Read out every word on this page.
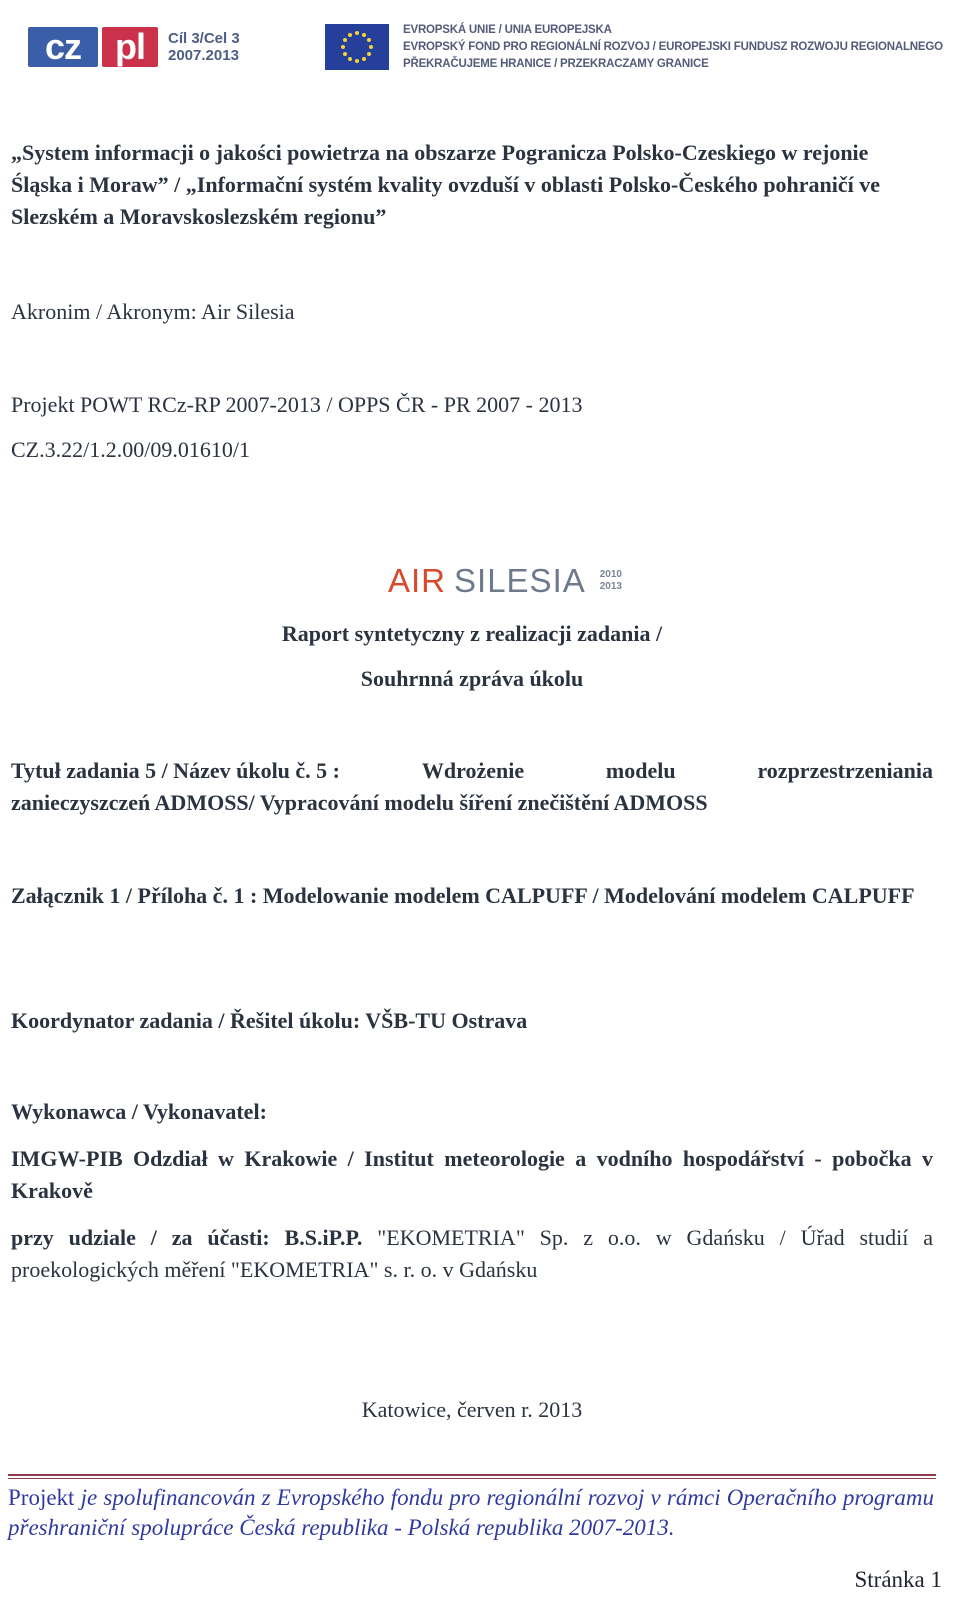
cz pl	Cíl 3/Cel 3
2007.2013
EVROPSKÁ UNIE / UNIA EUROPEJSKA
EVROPSKÝ FOND PRO REGIONÁLNÍ ROZVOJ / EUROPEJSKI FUNDUSZ ROZWOJU REGIONALNEGO
PŘEKRAČUJEME HRANICE / PRZEKRACZAMY GRANICE
„System informacji o jakości powietrza na obszarze Pogranicza Polsko-Czeskiego w rejonie Śląska i Moraw” / „Informační systém kvality ovzduší v oblasti Polsko-Českého pohraničí ve Slezském a Moravskoslezském regionu”
Akronim / Akronym: Air Silesia
Projekt POWT RCz-RP 2007-2013 / OPPS ČR - PR 2007 - 2013
CZ.3.22/1.2.00/09.01610/1
AIR SILESIA 2010
2013
Raport syntetyczny z realizacji zadania /
Souhrnná zpráva úkolu
Tytuł zadania 5 / Název úkolu č. 5 :	Wdrożenie	modelu	rozprzestrzeniania
zanieczyszczeń ADMOSS/ Vypracování modelu šíření znečištění ADMOSS
Załącznik 1 / Příloha č. 1 : Modelowanie modelem CALPUFF / Modelování modelem CALPUFF
Koordynator zadania / Řešitel úkolu: VŠB-TU Ostrava
Wykonawca / Vykonavatel:
IMGW-PIB Odzdiał w Krakowie / Institut meteorologie a vodního hospodářství - pobočka v Krakově
przy udziale / za účasti: B.S.iP.P. "EKOMETRIA" Sp. z o.o. w Gdańsku / Úřad studií a proekologických měření "EKOMETRIA" s. r. o. v Gdańsku
Katowice, červen r. 2013
Projekt je spolufinancován z Evropského fondu pro regionální rozvoj v rámci Operačního programu přeshraniční spolupráce Česká republika - Polská republika 2007-2013.
Stránka 1
